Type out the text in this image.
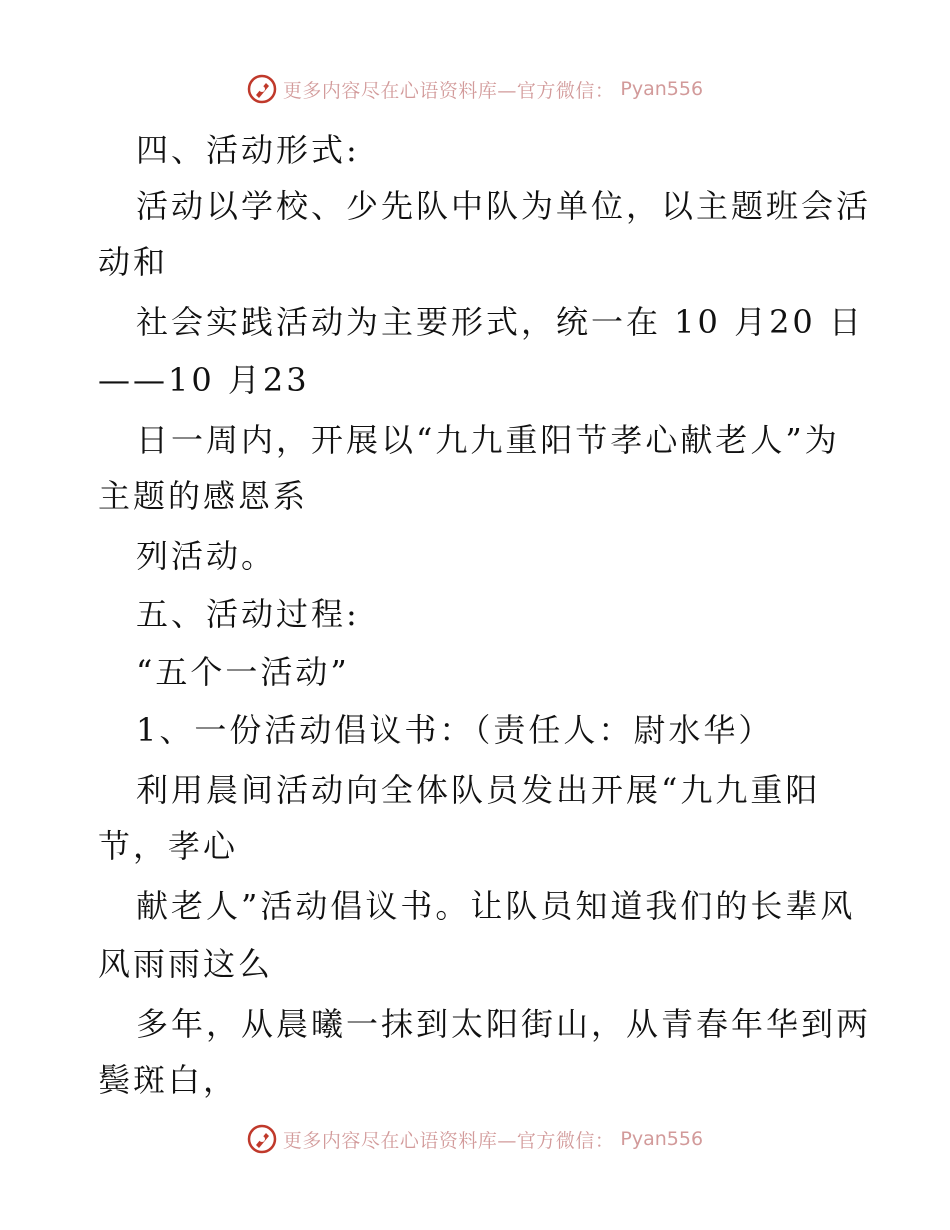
更多内容尽在心语资料库—官方微信： Pyan556
四、活动形式:
活动以学校、少先队中队为单位，以主题班会活
动和
社会实践活动为主要形式，统一在 10 月20 日
——10 月23
日一周内，开展以“九九重阳节孝心献老人”为
主题的感恩系
列活动。
五、活动过程:
“五个一活动”
1、一份活动倡议书：（责任人：尉水华）
利用晨间活动向全体队员发出开展“九九重阳
节，孝心
献老人”活动倡议书。让队员知道我们的长辈风
风雨雨这么
多年，从晨曦一抹到太阳街山，从青春年华到两
鬓斑白，
更多内容尽在心语资料库—官方微信： Pyan556
